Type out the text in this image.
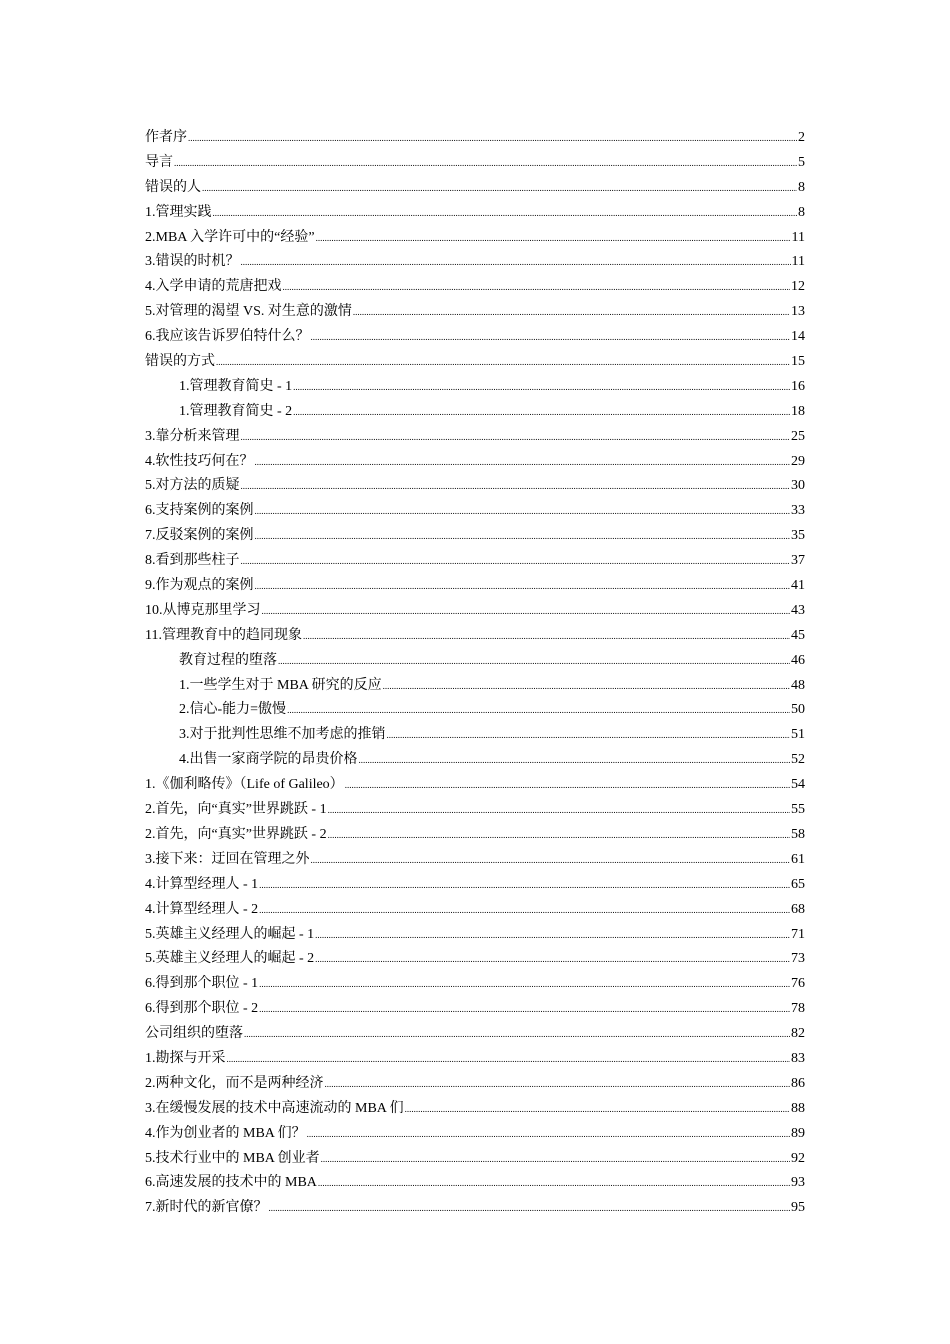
作者序 .....	2
导言 .....	5
错误的人 .....	8
1.管理实践 .....	8
2.MBA 入学许可中的“经验” .....	11
3.错误的时机？ .....	11
4.入学申请的荒唐把戏 .....	12
5.对管理的渴望 VS. 对生意的激情 .....	13
6.我应该告诉罗伯特什么？ .....	14
错误的方式 .....	15
1.管理教育简史 - 1 .....	16
1.管理教育简史 - 2 .....	18
3.靠分析来管理 .....	25
4.软性技巧何在？ .....	29
5.对方法的质疑 .....	30
6.支持案例的案例 .....	33
7.反驳案例的案例 .....	35
8.看到那些柱子 .....	37
9.作为观点的案例 .....	41
10.从博克那里学习 .....	43
11.管理教育中的趋同现象 .....	45
教育过程的堕落 .....	46
1.一些学生对于 MBA 研究的反应 .....	48
2.信心-能力=傲慢 .....	50
3.对于批判性思维不加考虑的推销 .....	51
4.出售一家商学院的昂贵价格 .....	52
1.《伽利略传》（Life of Galileo） .....	54
2.首先，向“真实”世界跳跃 - 1 .....	55
2.首先，向“真实”世界跳跃 - 2 .....	58
3.接下来：迂回在管理之外 .....	61
4.计算型经理人 - 1 .....	65
4.计算型经理人 - 2 .....	68
5.英雄主义经理人的崛起 - 1 .....	71
5.英雄主义经理人的崛起 - 2 .....	73
6.得到那个职位 - 1 .....	76
6.得到那个职位 - 2 .....	78
公司组织的堕落 .....	82
1.勘探与开采 .....	83
2.两种文化，而不是两种经济 .....	86
3.在缓慢发展的技术中高速流动的 MBA 们 .....	88
4.作为创业者的 MBA 们？ .....	89
5.技术行业中的 MBA 创业者 .....	92
6.高速发展的技术中的 MBA .....	93
7.新时代的新官僚？ .....	95
